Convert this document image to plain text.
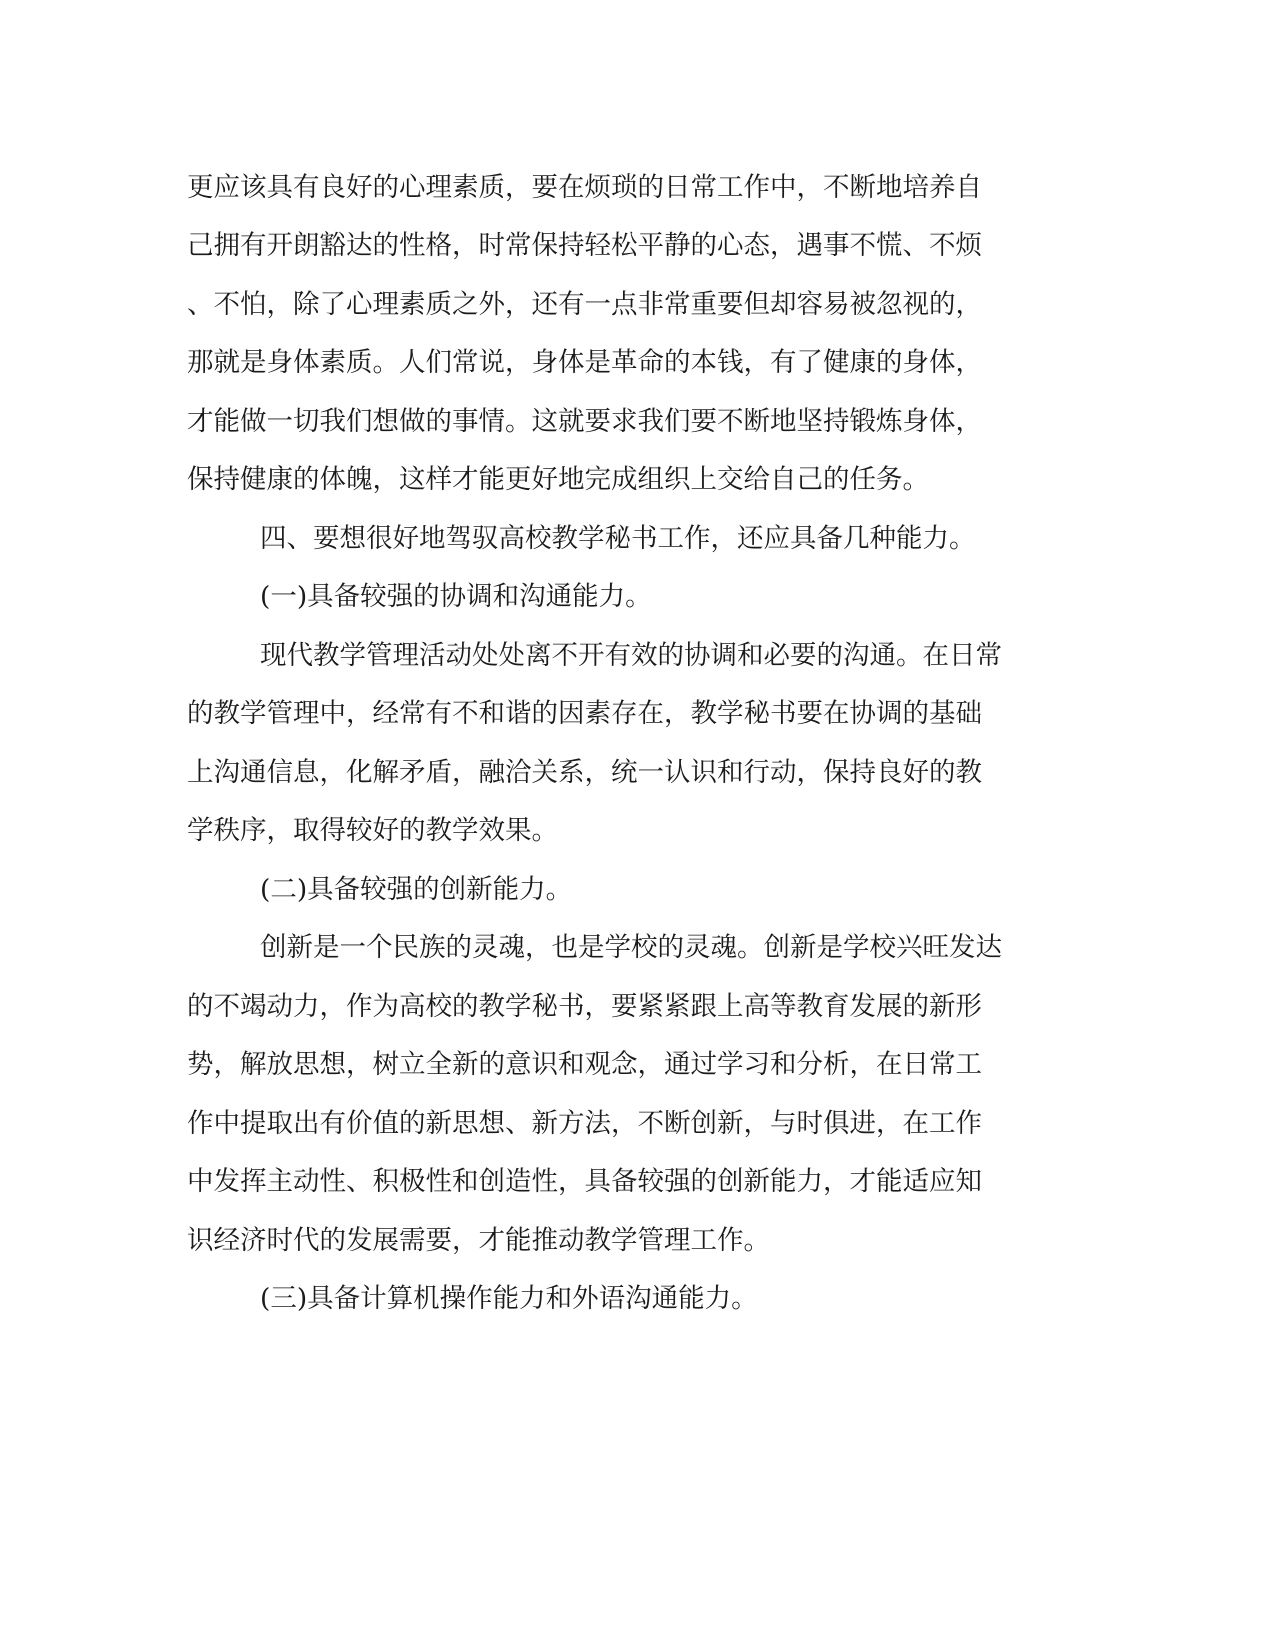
更应该具有良好的心理素质，要在烦琐的日常工作中，不断地培养自
己拥有开朗豁达的性格，时常保持轻松平静的心态，遇事不慌、不烦
、不怕，除了心理素质之外，还有一点非常重要但却容易被忽视的，
那就是身体素质。人们常说，身体是革命的本钱，有了健康的身体，
才能做一切我们想做的事情。这就要求我们要不断地坚持锻炼身体，
保持健康的体魄，这样才能更好地完成组织上交给自己的任务。
四、要想很好地驾驭高校教学秘书工作，还应具备几种能力。
(一)具备较强的协调和沟通能力。
现代教学管理活动处处离不开有效的协调和必要的沟通。在日常
的教学管理中，经常有不和谐的因素存在，教学秘书要在协调的基础
上沟通信息，化解矛盾，融洽关系，统一认识和行动，保持良好的教
学秩序，取得较好的教学效果。
(二)具备较强的创新能力。
创新是一个民族的灵魂，也是学校的灵魂。创新是学校兴旺发达
的不竭动力，作为高校的教学秘书，要紧紧跟上高等教育发展的新形
势，解放思想，树立全新的意识和观念，通过学习和分析，在日常工
作中提取出有价值的新思想、新方法，不断创新，与时俱进，在工作
中发挥主动性、积极性和创造性，具备较强的创新能力，才能适应知
识经济时代的发展需要，才能推动教学管理工作。
(三)具备计算机操作能力和外语沟通能力。
